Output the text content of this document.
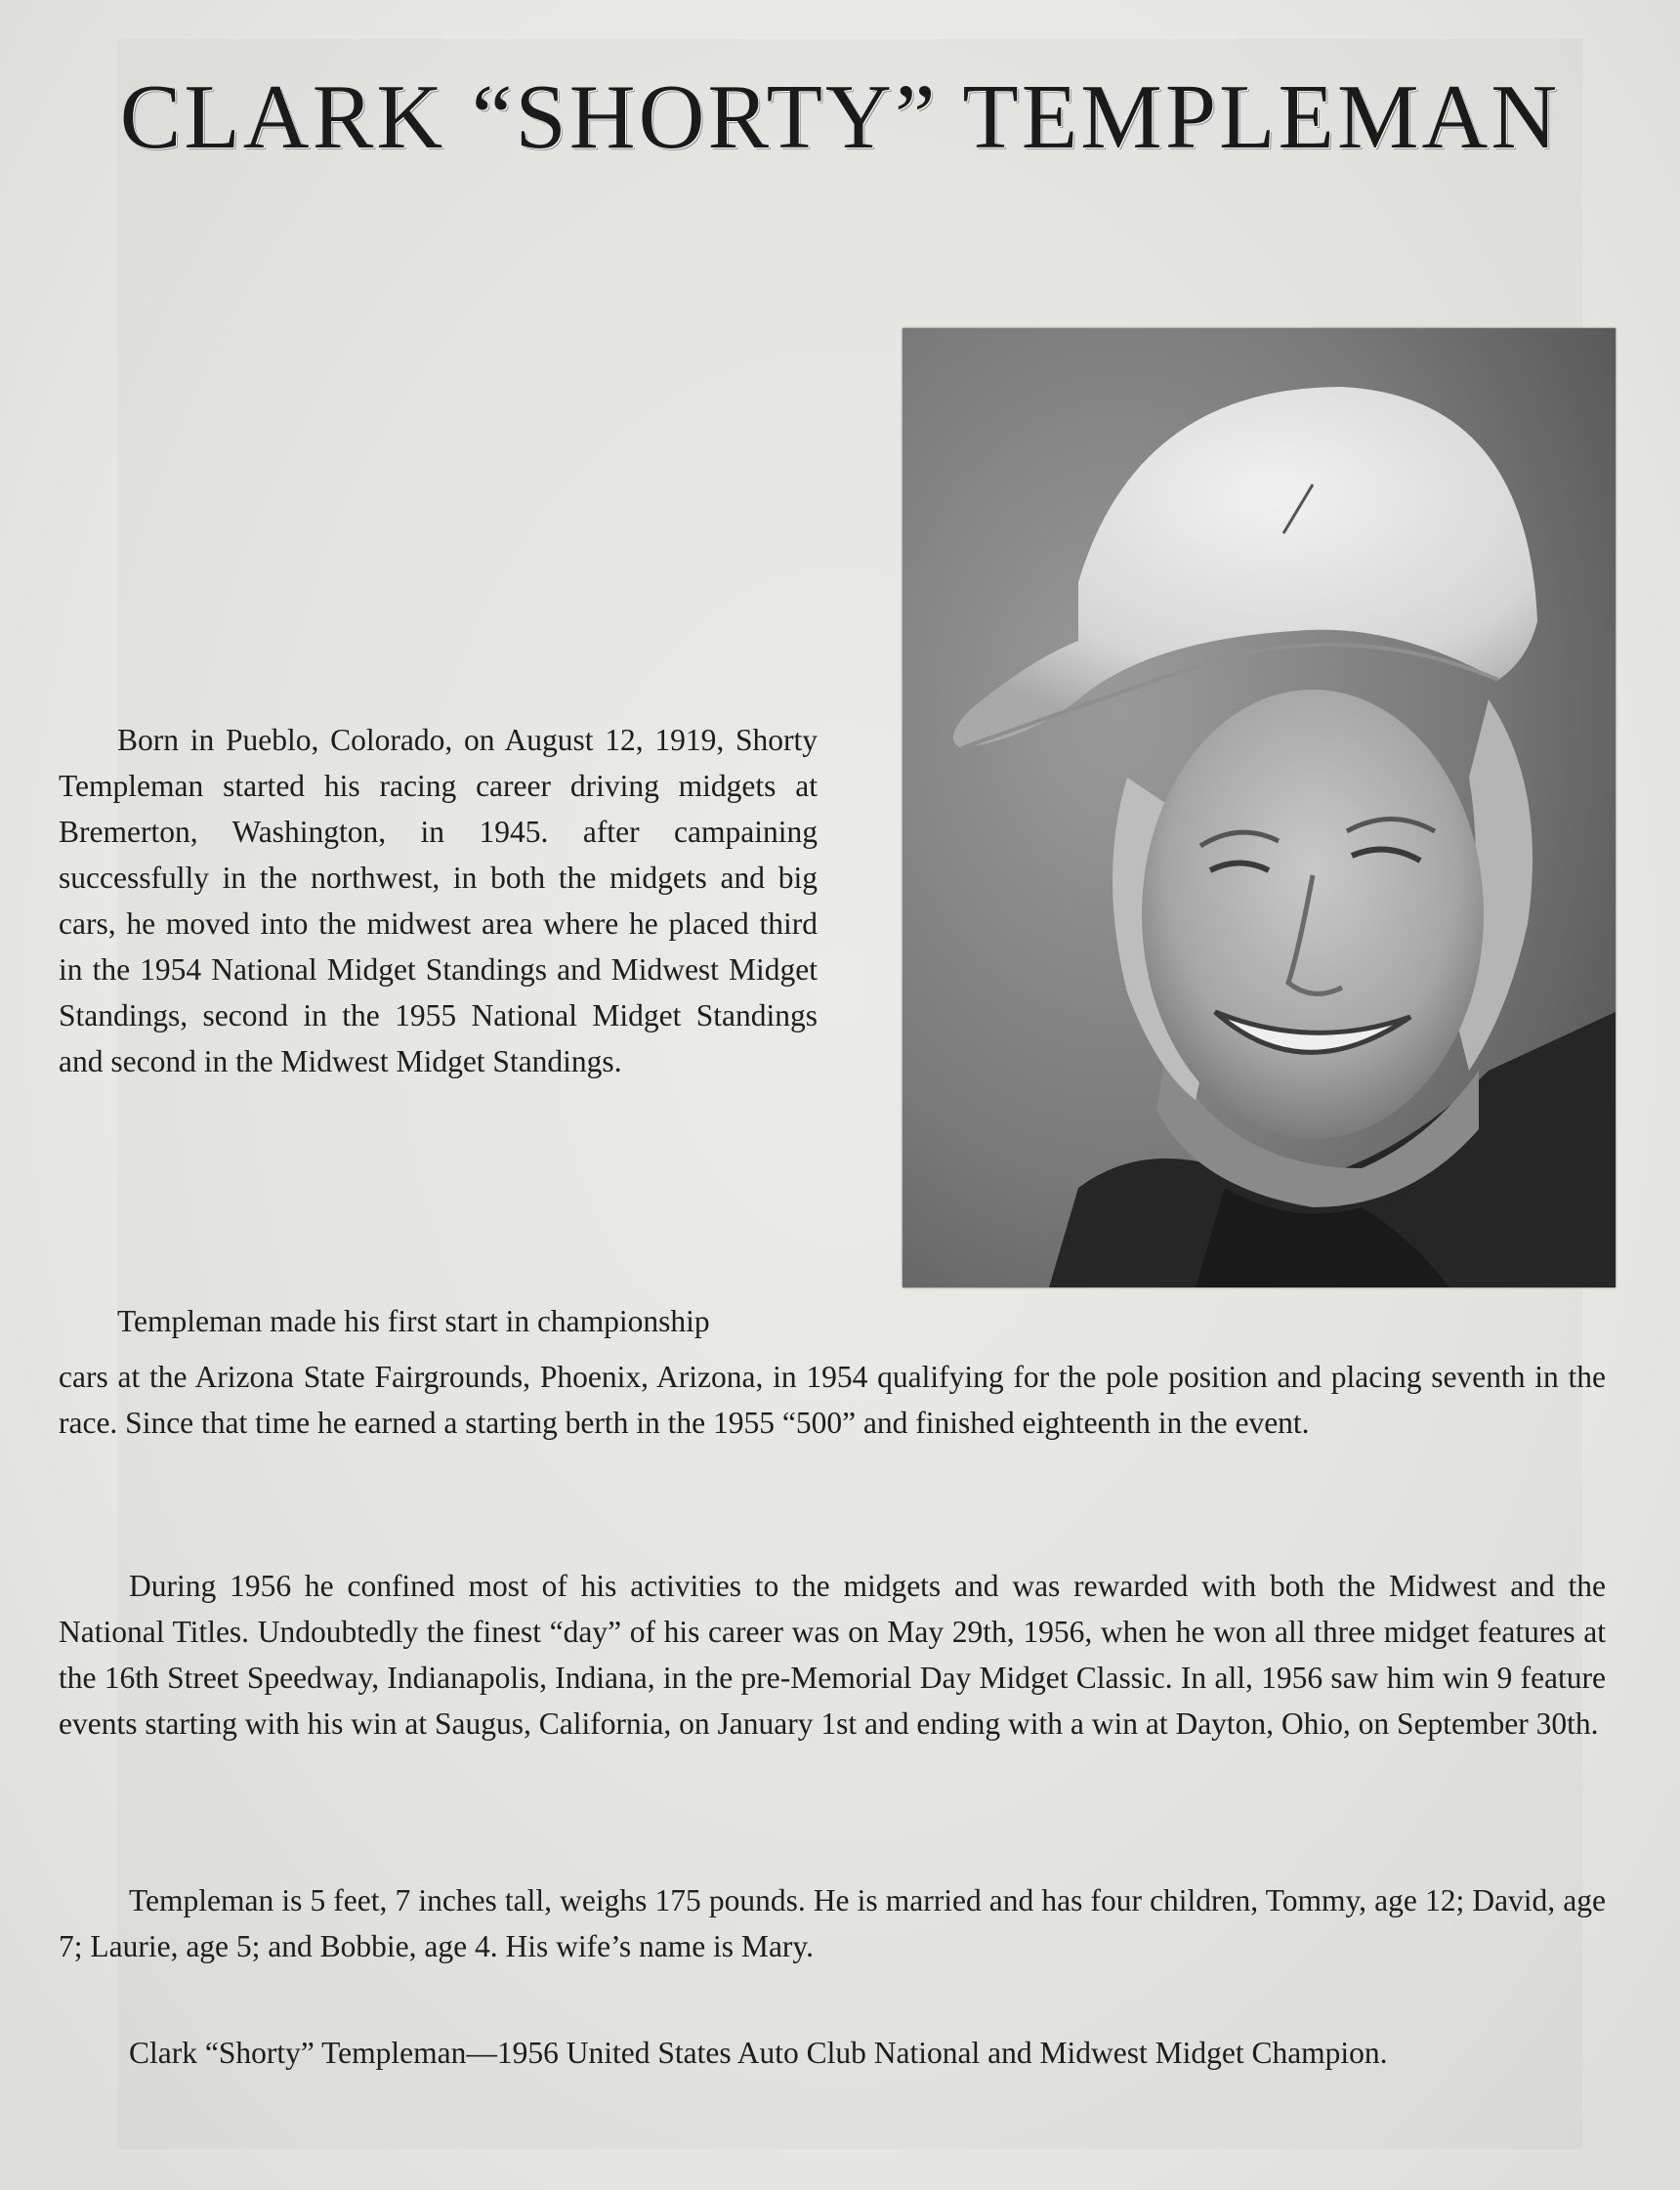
CLARK “SHORTY” TEMPLEMAN

Born in Pueblo, Colorado, on August 12, 1919, Shorty Templeman started his racing career driving midgets at Bremerton, Washington, in 1945. after campaining successfully in the northwest, in both the midgets and big cars, he moved into the midwest area where he placed third in the 1954 National Midget Standings and Midwest Midget Standings, second in the 1955 National Midget Standings and second in the Midwest Midget Standings.

Templeman made his first start in championship

cars at the Arizona State Fairgrounds, Phoenix, Arizona, in 1954 qualifying for the pole position and placing seventh in the race. Since that time he earned a starting berth in the 1955 “500” and finished eighteenth in the event.

During 1956 he confined most of his activities to the midgets and was rewarded with both the Midwest and the National Titles. Undoubtedly the finest “day” of his career was on May 29th, 1956, when he won all three midget features at the 16th Street Speedway, Indianapolis, Indiana, in the pre-Memorial Day Midget Classic. In all, 1956 saw him win 9 feature events starting with his win at Saugus, California, on January 1st and ending with a win at Dayton, Ohio, on September 30th.

Templeman is 5 feet, 7 inches tall, weighs 175 pounds. He is married and has four children, Tommy, age 12; David, age 7; Laurie, age 5; and Bobbie, age 4. His wife’s name is Mary.

Clark “Shorty” Templeman—1956 United States Auto Club National and Midwest Midget Champion.
